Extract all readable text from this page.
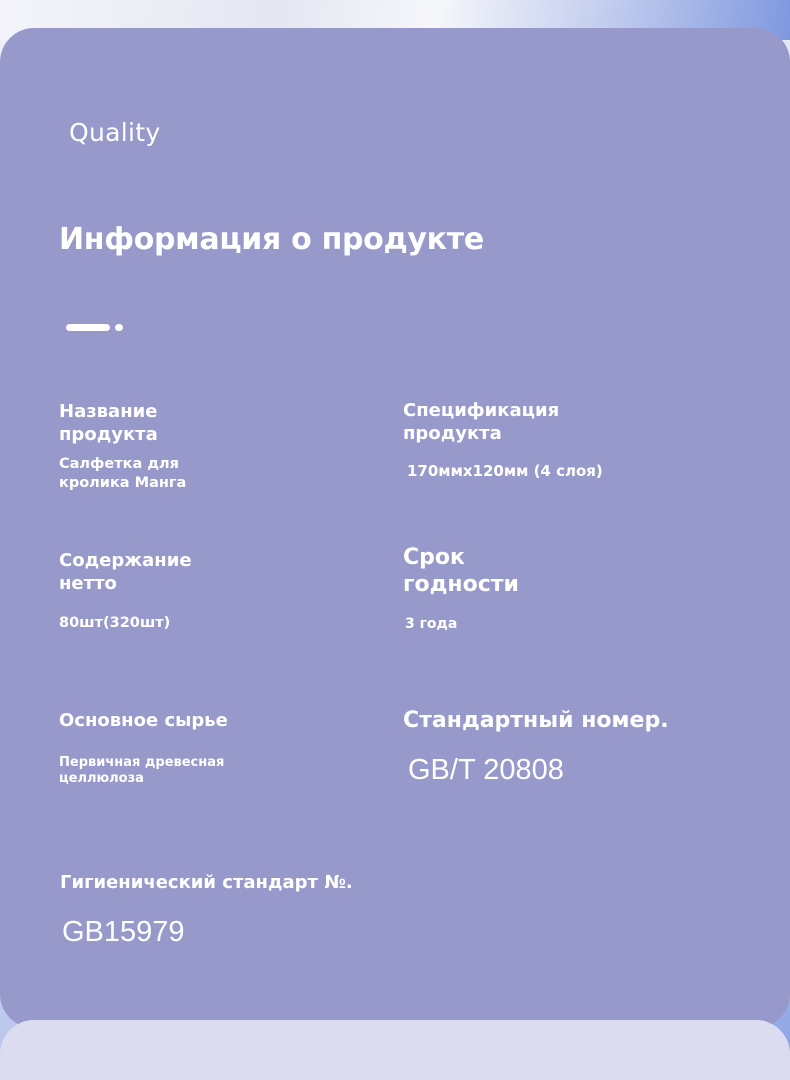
Quality
Информация о продукте
Название
продукта
Салфетка для
кролика Манга
Спецификация
продукта
170ммх120мм (4 слоя)
Содержание
нетто
80шт(320шт)
Срок
годности
3 года
Основное сырье
Первичная древесная
целлюлоза
Стандартный номер.
GB/T 20808
Гигиенический стандарт №.
GB15979
